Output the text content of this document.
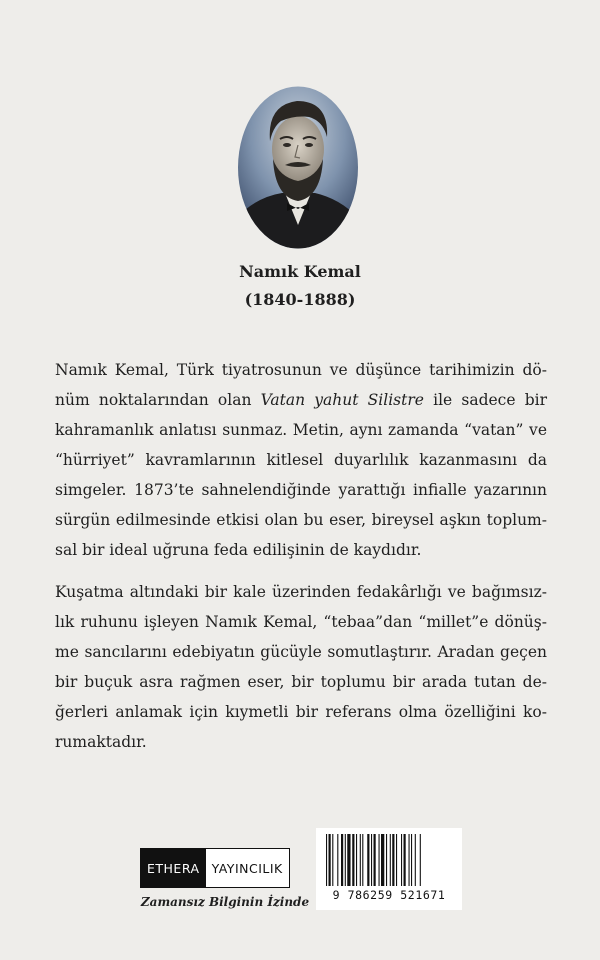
Namık Kemal
(1840-1888)

Namık Kemal, Türk tiyatrosunun ve düşünce tarihimizin dönüm noktalarından olan Vatan yahut Silistre ile sadece bir kahramanlık anlatısı sunmaz. Metin, aynı zamanda “vatan” ve “hürriyet” kavramlarının kitlesel duyarlılık kazanmasını da simgeler. 1873’te sahnelendiğinde yarattığı infialle yazarının sürgün edilmesinde etkisi olan bu eser, bireysel aşkın toplumsal bir ideal uğruna feda edilişinin de kaydıdır.

Kuşatma altındaki bir kale üzerinden fedakârlığı ve bağımsızlık ruhunu işleyen Namık Kemal, “tebaa”dan “millet”e dönüşme sancılarını edebiyatın gücüyle somutlaştırır. Aradan geçen bir buçuk asra rağmen eser, bir toplumu bir arada tutan değerleri anlamak için kıymetli bir referans olma özelliğini korumaktadır.

ETHERA YAYINCILIK
Zamansız Bilginin İzinde	9 786259 521671
